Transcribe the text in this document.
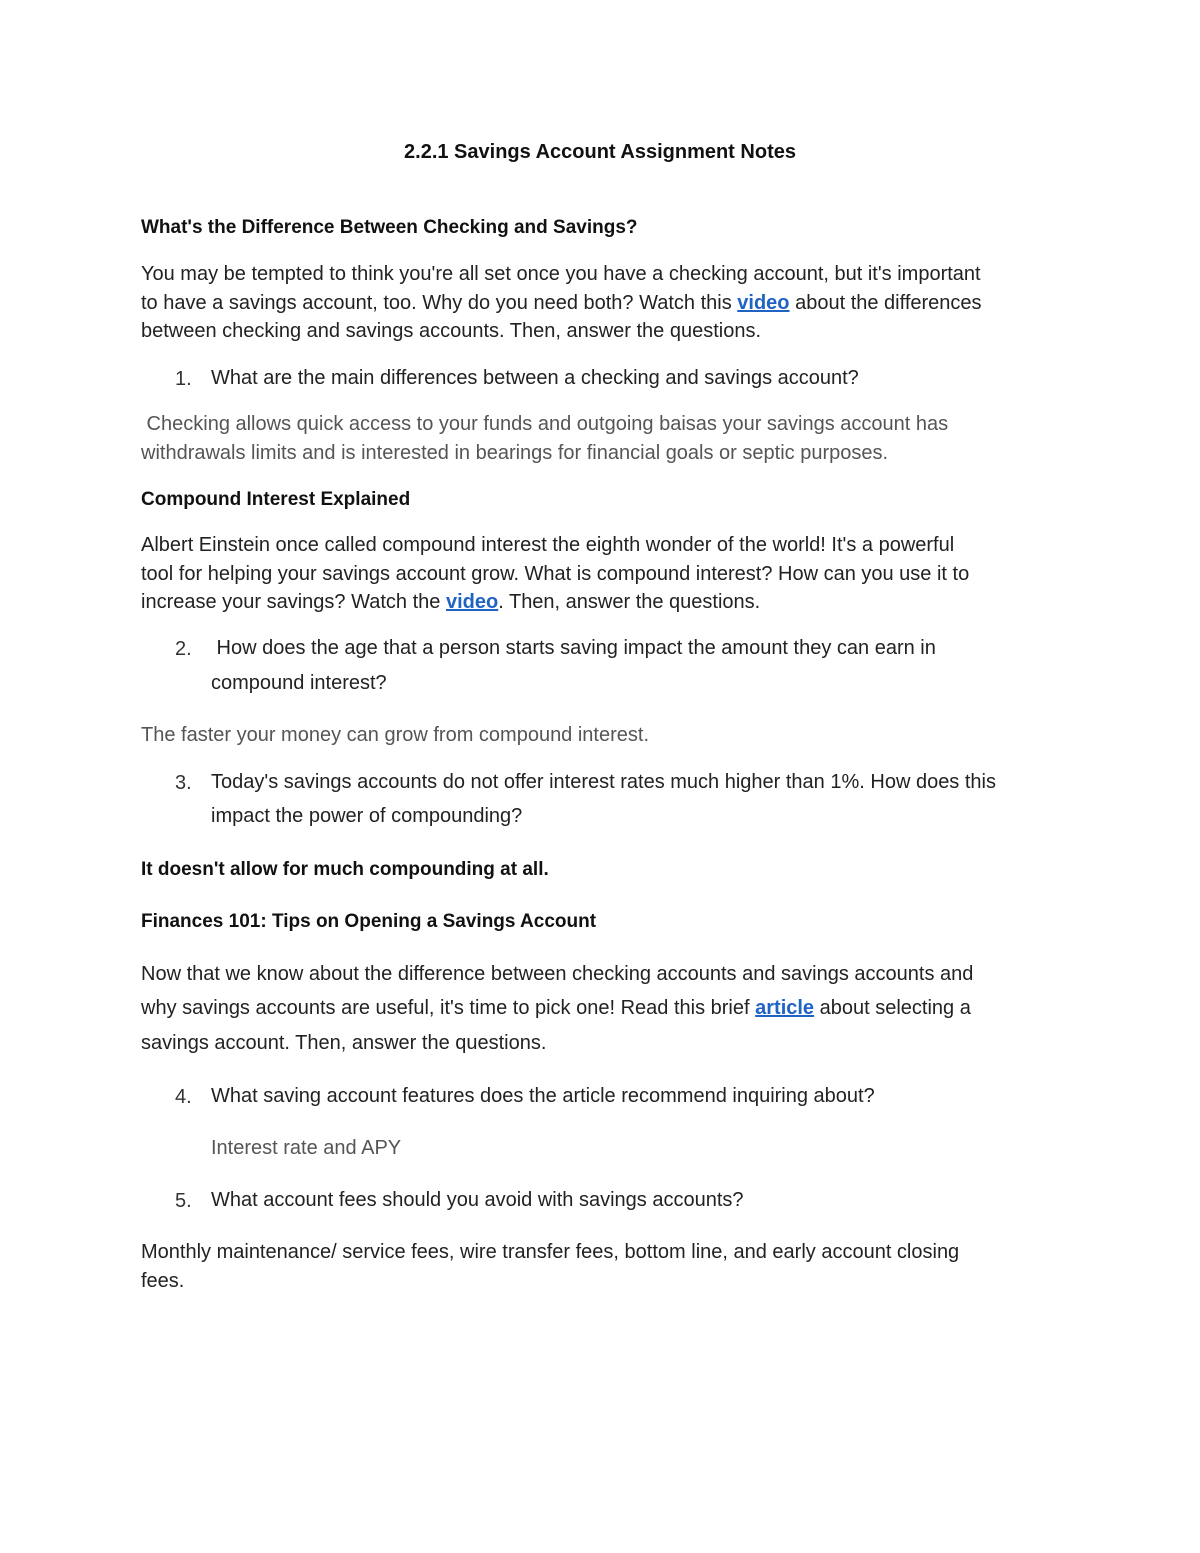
2.2.1 Savings Account Assignment Notes
What's the Difference Between Checking and Savings?

You may be tempted to think you're all set once you have a checking account, but it's important

to have a savings account, too. Why do you need both? Watch this video about the differences

between checking and savings accounts. Then, answer the questions.

1. What are the main differences between a checking and savings account?

Checking allows quick access to your funds and outgoing baisas your savings account has

withdrawals limits and is interested in bearings for financial goals or septic purposes.

Compound Interest Explained

Albert Einstein once called compound interest the eighth wonder of the world! It's a powerful

tool for helping your savings account grow. What is compound interest? How can you use it to

increase your savings? Watch the video. Then, answer the questions.

2. How does the age that a person starts saving impact the amount they can earn in

compound interest?

The faster your money can grow from compound interest.

3. Today's savings accounts do not offer interest rates much higher than 1%. How does this

impact the power of compounding?

It doesn't allow for much compounding at all.

Finances 101: Tips on Opening a Savings Account

Now that we know about the difference between checking accounts and savings accounts and

why savings accounts are useful, it's time to pick one! Read this brief article about selecting a

savings account. Then, answer the questions.

4. What saving account features does the article recommend inquiring about?

Interest rate and APY

5. What account fees should you avoid with savings accounts?

Monthly maintenance/ service fees, wire transfer fees, bottom line, and early account closing

fees.
